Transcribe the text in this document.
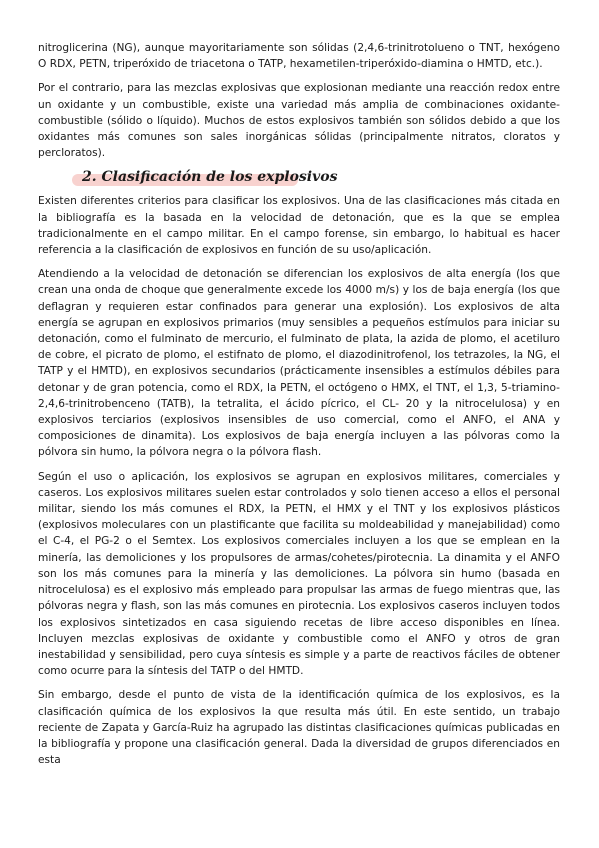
nitroglicerina (NG), aunque mayoritariamente son sólidas (2,4,6-trinitrotolueno o TNT, hexógeno O RDX, PETN, triperóxido de triacetona o TATP, hexametilen-triperóxido-diamina o HMTD, etc.).

Por el contrario, para las mezclas explosivas que explosionan mediante una reacción redox entre un oxidante y un combustible, existe una variedad más amplia de combinaciones oxidante-combustible (sólido o líquido). Muchos de estos explosivos también son sólidos debido a que los oxidantes más comunes son sales inorgánicas sólidas (principalmente nitratos, cloratos y percloratos).

2. Clasificación de los explosivos

Existen diferentes criterios para clasificar los explosivos. Una de las clasificaciones más citada en la bibliografía es la basada en la velocidad de detonación, que es la que se emplea tradicionalmente en el campo militar. En el campo forense, sin embargo, lo habitual es hacer referencia a la clasificación de explosivos en función de su uso/aplicación.

Atendiendo a la velocidad de detonación se diferencian los explosivos de alta energía (los que crean una onda de choque que generalmente excede los 4000 m/s) y los de baja energía (los que deflagran y requieren estar confinados para generar una explosión). Los explosivos de alta energía se agrupan en explosivos primarios (muy sensibles a pequeños estímulos para iniciar su detonación, como el fulminato de mercurio, el fulminato de plata, la azida de plomo, el acetiluro de cobre, el picrato de plomo, el estifnato de plomo, el diazodinitrofenol, los tetrazoles, la NG, el TATP y el HMTD), en explosivos secundarios (prácticamente insensibles a estímulos débiles para detonar y de gran potencia, como el RDX, la PETN, el octógeno o HMX, el TNT, el 1,3, 5-triamino-2,4,6-trinitrobenceno (TATB), la tetralita, el ácido pícrico, el CL- 20 y la nitrocelulosa) y en explosivos terciarios (explosivos insensibles de uso comercial, como el ANFO, el ANA y composiciones de dinamita). Los explosivos de baja energía incluyen a las pólvoras como la pólvora sin humo, la pólvora negra o la pólvora flash.

Según el uso o aplicación, los explosivos se agrupan en explosivos militares, comerciales y caseros. Los explosivos militares suelen estar controlados y solo tienen acceso a ellos el personal militar, siendo los más comunes el RDX, la PETN, el HMX y el TNT y los explosivos plásticos (explosivos moleculares con un plastificante que facilita su moldeabilidad y manejabilidad) como el C-4, el PG-2 o el Semtex. Los explosivos comerciales incluyen a los que se emplean en la minería, las demoliciones y los propulsores de armas/cohetes/pirotecnia. La dinamita y el ANFO son los más comunes para la minería y las demoliciones. La pólvora sin humo (basada en nitrocelulosa) es el explosivo más empleado para propulsar las armas de fuego mientras que, las pólvoras negra y flash, son las más comunes en pirotecnia. Los explosivos caseros incluyen todos los explosivos sintetizados en casa siguiendo recetas de libre acceso disponibles en línea. Incluyen mezclas explosivas de oxidante y combustible como el ANFO y otros de gran inestabilidad y sensibilidad, pero cuya síntesis es simple y a parte de reactivos fáciles de obtener como ocurre para la síntesis del TATP o del HMTD.

Sin embargo, desde el punto de vista de la identificación química de los explosivos, es la clasificación química de los explosivos la que resulta más útil. En este sentido, un trabajo reciente de Zapata y García-Ruiz ha agrupado las distintas clasificaciones químicas publicadas en la bibliografía y propone una clasificación general. Dada la diversidad de grupos diferenciados en esta
